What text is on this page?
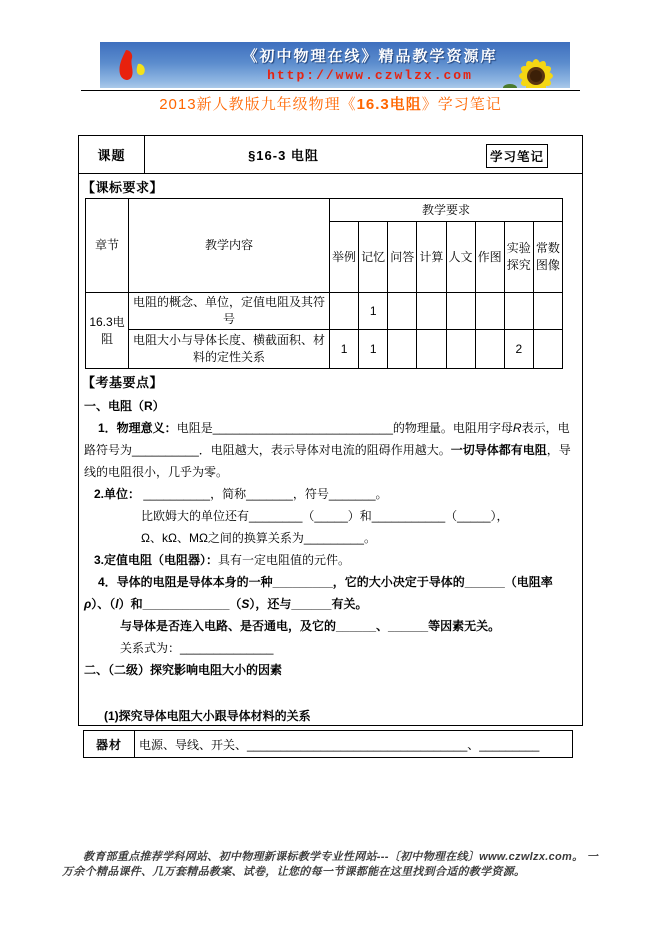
《初中物理在线》精品教学资源库
http://www.czwlzx.com
2013新人教版九年级物理《16.3电阻》学习笔记
课题	§16-3 电阻	学习笔记
【课标要求】
章节	教学内容	教学要求							
		举例	记忆	问答	计算	人文	作图	实验探究	常数图像
16.3电阻	电阻的概念、单位，定值电阻及其符号		1						
	电阻大小与导体长度、横截面积、材料的定性关系	1	1					2	
【考基要点】

一、电阻（R）

1．物理意义：电阻是___________________________的物理量。电阻用字母R表示，电路符号为__________．电阻越大，表示导体对电流的阻碍作用越大。一切导体都有电阻，导线的电阻很小，几乎为零。

2.单位： __________，简称_______，符号_______。

比欧姆大的单位还有________（_____）和___________（_____），

Ω、kΩ、MΩ之间的换算关系为_________。

3.定值电阻（电阻器）：具有一定电阻值的元件。

4．导体的电阻是导体本身的一种_________，它的大小决定于导体的______（电阻率ρ）、（l）和_____________（S），还与______有关。

与导体是否连入电路、是否通电，及它的______、______等因素无关。

关系式为：______________

二、（二级）探究影响电阻大小的因素

(1)探究导体电阻大小跟导体材料的关系

器材	电源、导线、开关、_________________________________、_________
教育部重点推荐学科网站、初中物理新课标教学专业性网站---〔初中物理在线〕www.czwlzx.com。 一万余个精品课件、几万套精品教案、试卷，让您的每一节课都能在这里找到合适的教学资源。
